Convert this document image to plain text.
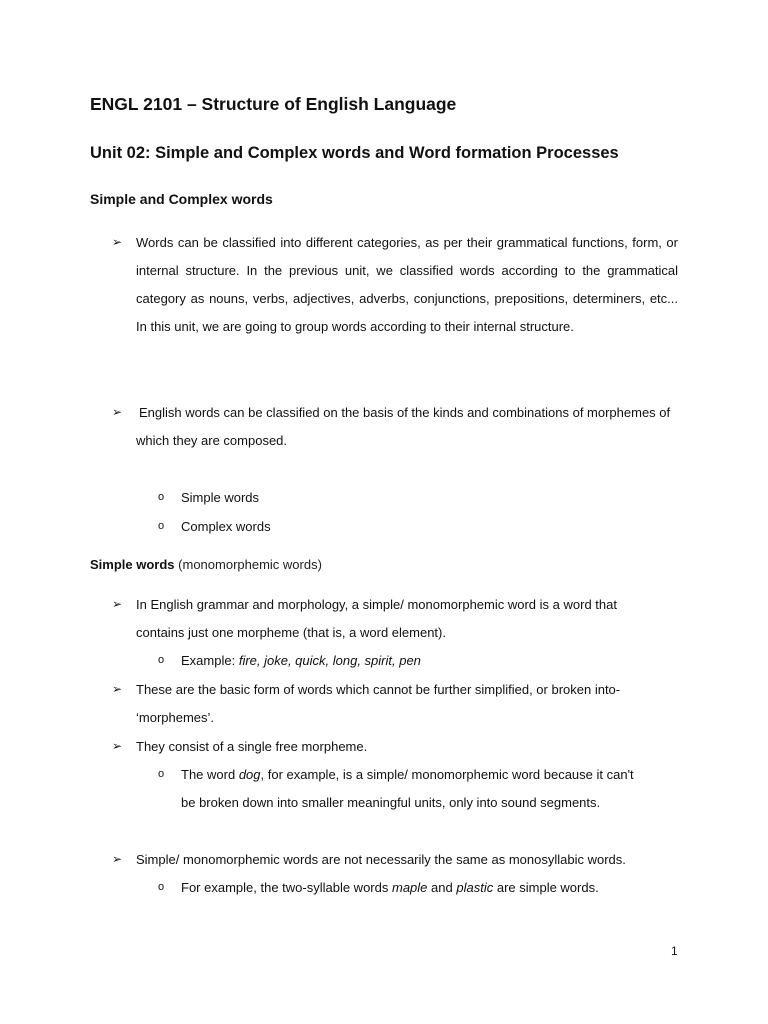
ENGL 2101 – Structure of English Language
Unit 02: Simple and Complex words and Word formation Processes
Simple and Complex words
➢ Words can be classified into different categories, as per their grammatical functions, form, or internal structure. In the previous unit, we classified words according to the grammatical category as nouns, verbs, adjectives, adverbs, conjunctions, prepositions, determiners, etc... In this unit, we are going to group words according to their internal structure.
➢ English words can be classified on the basis of the kinds and combinations of morphemes of which they are composed.
o Simple words
o Complex words
Simple words (monomorphemic words)
➢ In English grammar and morphology, a simple/ monomorphemic word is a word that
contains just one morpheme (that is, a word element).
o Example: fire, joke, quick, long, spirit, pen
➢ These are the basic form of words which cannot be further simplified, or broken into-
‘morphemes’.
➢ They consist of a single free morpheme.
o The word dog, for example, is a simple/ monomorphemic word because it can't
be broken down into smaller meaningful units, only into sound segments.
➢ Simple/ monomorphemic words are not necessarily the same as monosyllabic words.
o For example, the two-syllable words maple and plastic are simple words.
1
